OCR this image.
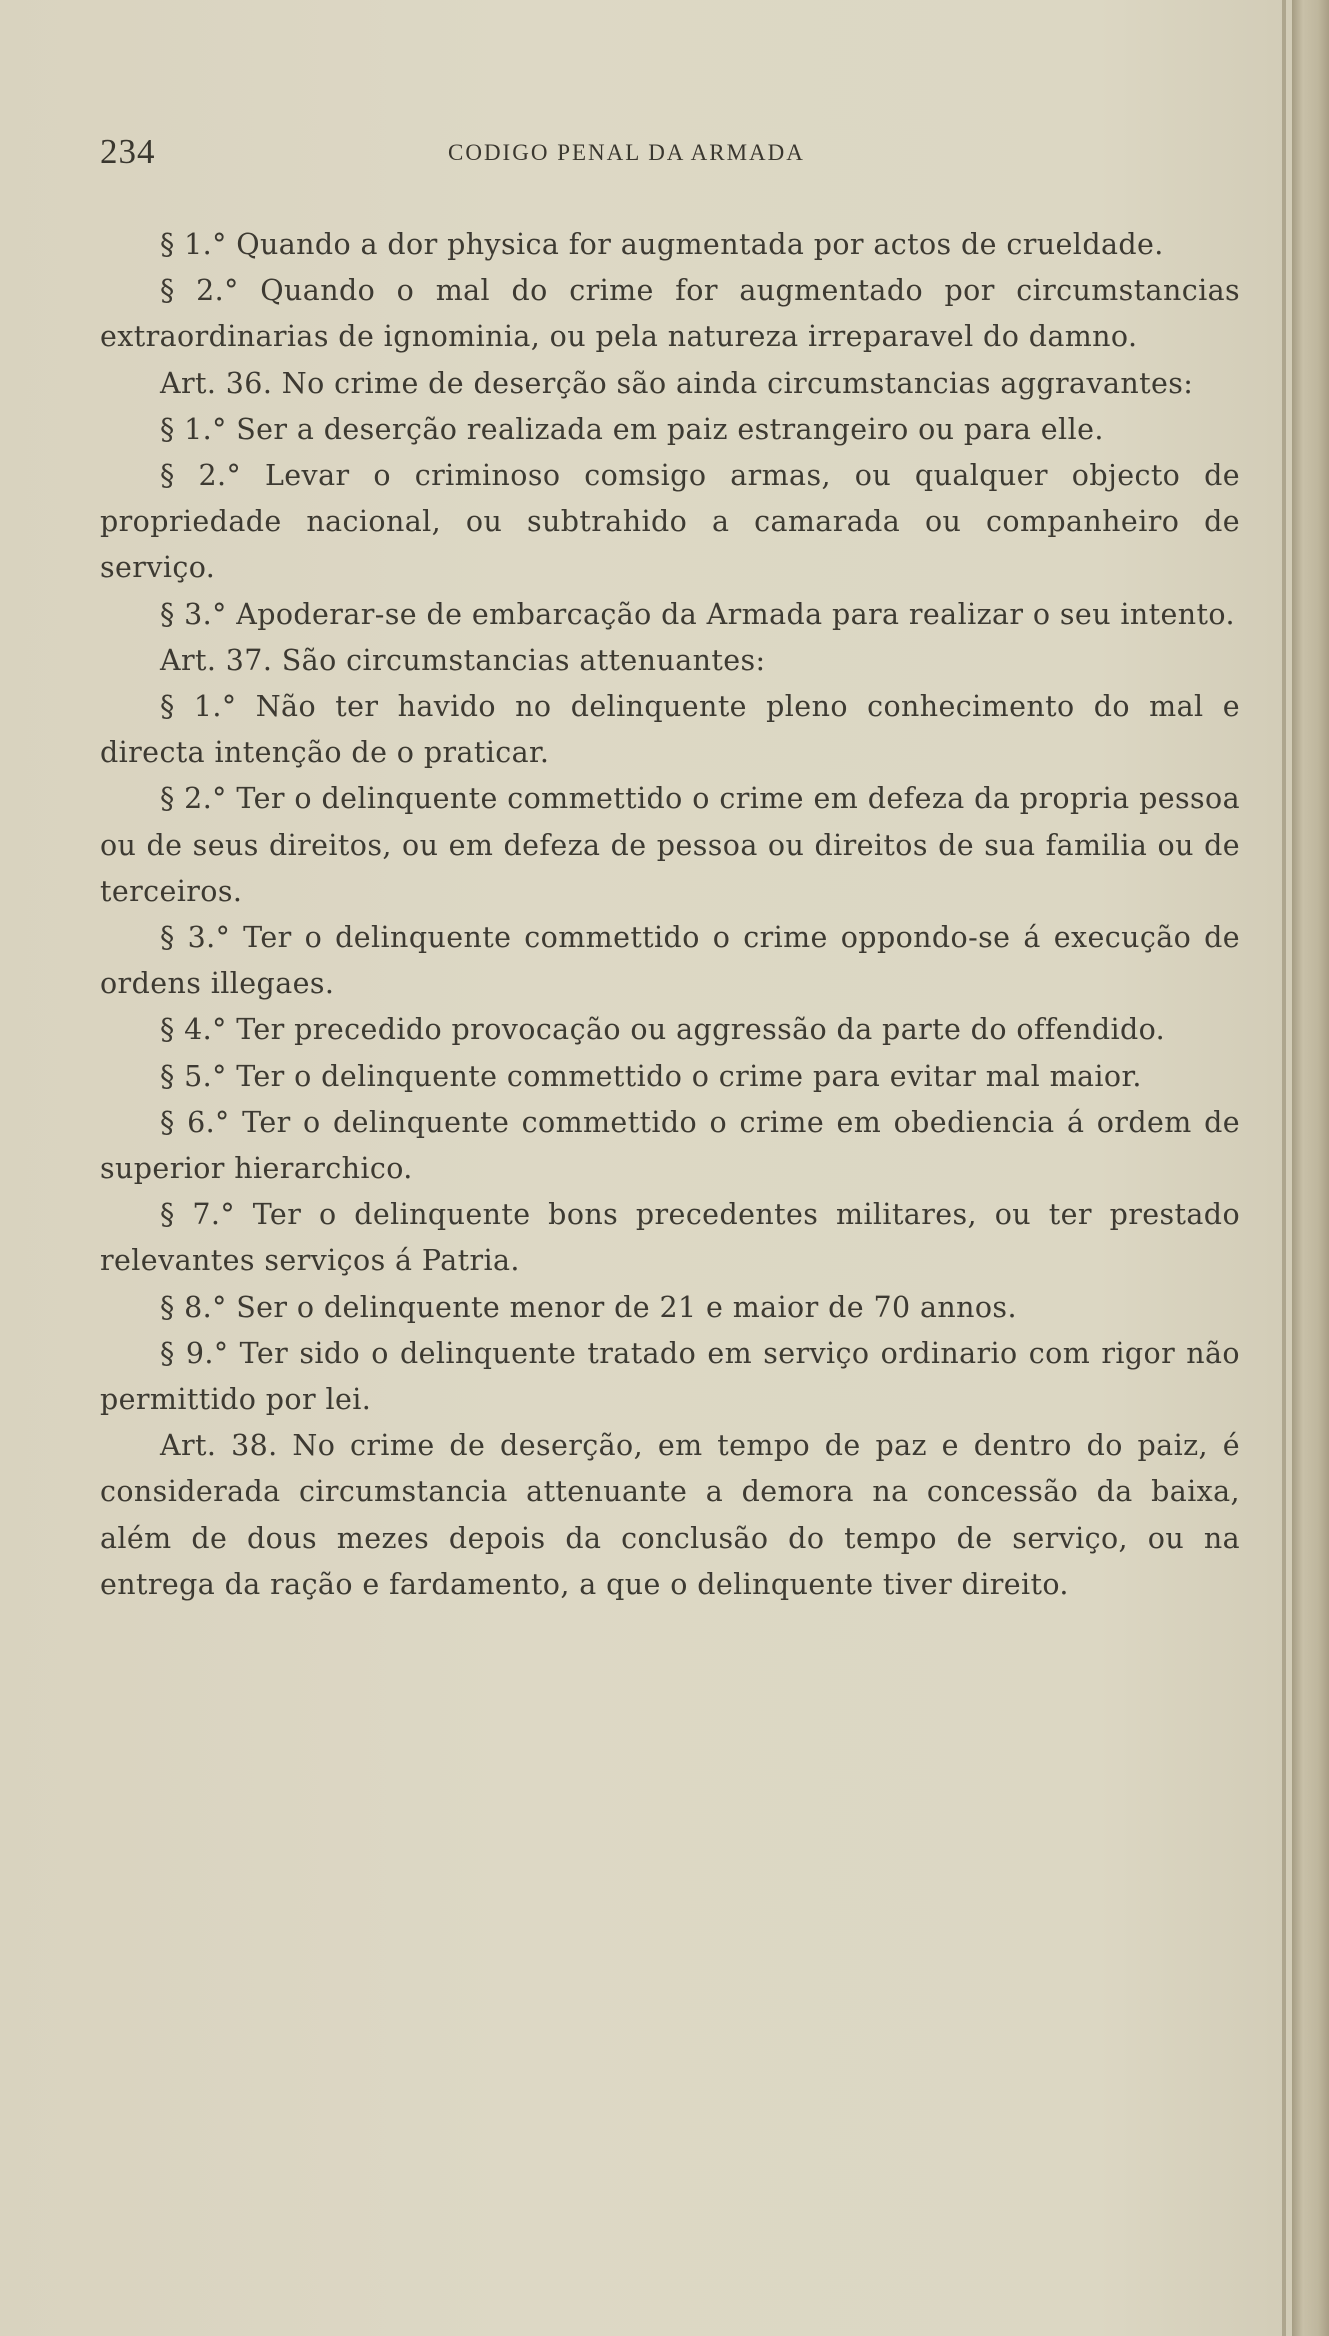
234	CODIGO PENAL DA ARMADA

§ 1.° Quando a dor physica for augmentada por actos de crueldade.

§ 2.° Quando o mal do crime for augmentado por circumstancias extraordinarias de ignominia, ou pela natureza irreparavel do damno.

Art. 36. No crime de deserção são ainda circumstancias aggravantes:

§ 1.° Ser a deserção realizada em paiz estrangeiro ou para elle.

§ 2.° Levar o criminoso comsigo armas, ou qualquer objecto de propriedade nacional, ou subtrahido a camarada ou companheiro de serviço.

§ 3.° Apoderar-se de embarcação da Armada para realizar o seu intento.

Art. 37. São circumstancias attenuantes:

§ 1.° Não ter havido no delinquente pleno conhecimento do mal e directa intenção de o praticar.

§ 2.° Ter o delinquente commettido o crime em defeza da propria pessoa ou de seus direitos, ou em defeza de pessoa ou direitos de sua familia ou de terceiros.

§ 3.° Ter o delinquente commettido o crime oppondo-se á execução de ordens illegaes.

§ 4.° Ter precedido provocação ou aggressão da parte do offendido.

§ 5.° Ter o delinquente commettido o crime para evitar mal maior.

§ 6.° Ter o delinquente commettido o crime em obediencia á ordem de superior hierarchico.

§ 7.° Ter o delinquente bons precedentes militares, ou ter prestado relevantes serviços á Patria.

§ 8.° Ser o delinquente menor de 21 e maior de 70 annos.

§ 9.° Ter sido o delinquente tratado em serviço ordinario com rigor não permittido por lei.

Art. 38. No crime de deserção, em tempo de paz e dentro do paiz, é considerada circumstancia attenuante a demora na concessão da baixa, além de dous mezes depois da conclusão do tempo de serviço, ou na entrega da ração e fardamento, a que o delinquente tiver direito.
